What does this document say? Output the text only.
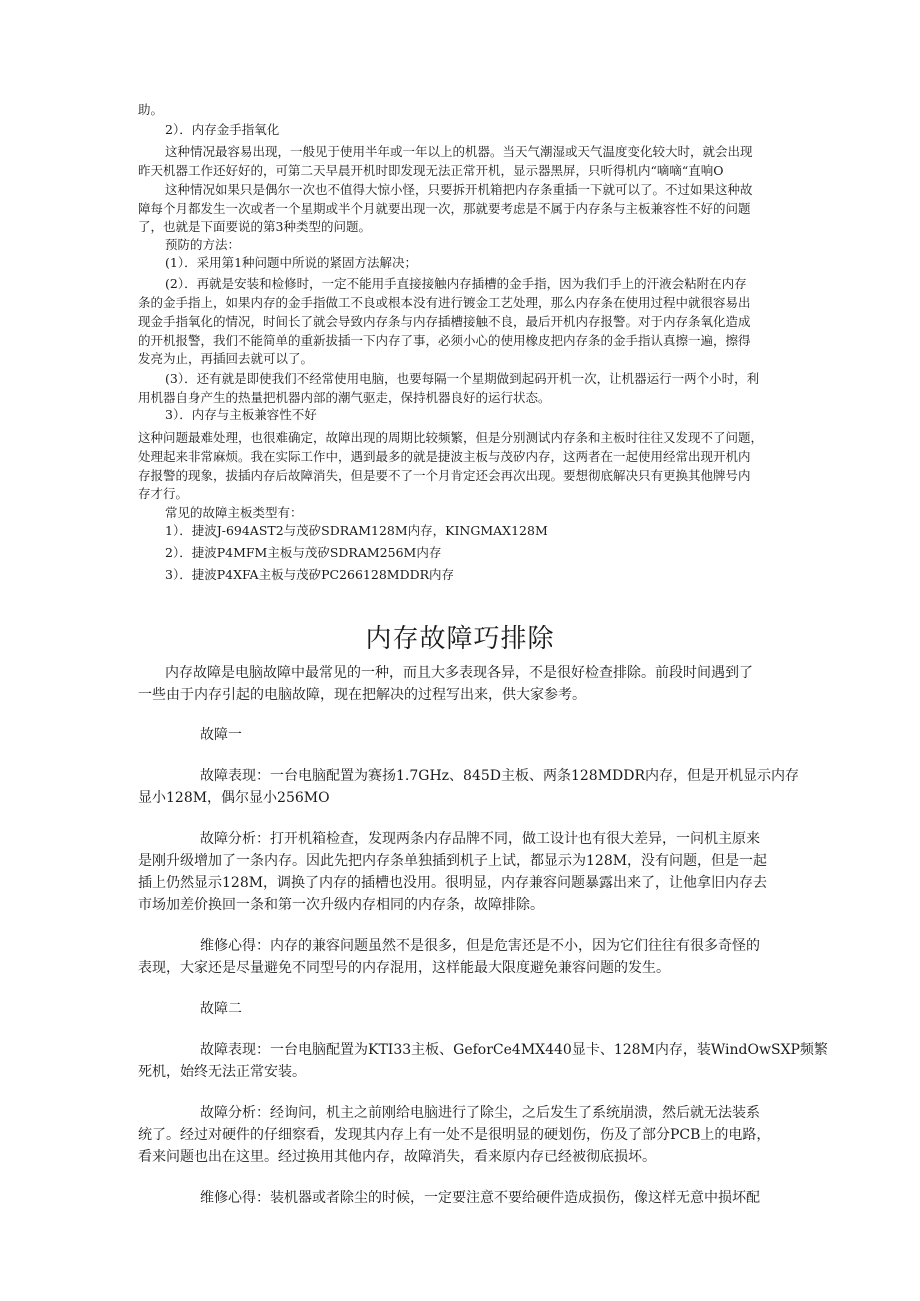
助。

2）．内存金手指氧化

这种情况最容易出现，一般见于使用半年或一年以上的机器。当天气潮湿或天气温度变化较大时，就会出现

昨天机器工作还好好的，可第二天早晨开机时即发现无法正常开机，显示器黑屏，只听得机内“嘀嘀“直响O

这种情况如果只是偶尔一次也不值得大惊小怪，只要拆开机箱把内存条重插一下就可以了。不过如果这种故

障每个月都发生一次或者一个星期或半个月就要出现一次，那就要考虑是不属于内存条与主板兼容性不好的问题

了，也就是下面要说的第3种类型的问题。

预防的方法：

(1）．采用第1种问题中所说的紧固方法解决；

(2）．再就是安装和检修时，一定不能用手直接接触内存插槽的金手指，因为我们手上的汗液会粘附在内存

条的金手指上，如果内存的金手指做工不良或根本没有进行镀金工艺处理，那么内存条在使用过程中就很容易出

现金手指氧化的情况，时间长了就会导致内存条与内存插槽接触不良，最后开机内存报警。对于内存条氧化造成

的开机报警，我们不能简单的重新拔插一下内存了事，必须小心的使用橡皮把内存条的金手指认真擦一遍，擦得

发亮为止，再插回去就可以了。

(3）．还有就是即使我们不经常使用电脑，也要每隔一个星期做到起码开机一次，让机器运行一两个小时，利

用机器自身产生的热量把机器内部的潮气驱走，保持机器良好的运行状态。

3）．内存与主板兼容性不好

这种问题最难处理，也很难确定，故障出现的周期比较频繁，但是分别测试内存条和主板时往往又发现不了问题，

处理起来非常麻烦。我在实际工作中，遇到最多的就是捷波主板与茂矽内存，这两者在一起使用经常出现开机内

存报警的现象，拔插内存后故障消失，但是要不了一个月肯定还会再次出现。要想彻底解决只有更换其他牌号内

存才行。

常见的故障主板类型有：

1）．捷波J-694AST2与茂矽SDRAM128M内存，KINGMAX128M

2）．捷波P4MFM主板与茂矽SDRAM256M内存

3）．捷波P4XFA主板与茂矽PC266128MDDR内存

内存故障巧排除

内存故障是电脑故障中最常见的一种，而且大多表现各异，不是很好检查排除。前段时间遇到了

一些由于内存引起的电脑故障，现在把解决的过程写出来，供大家参考。

故障一

故障表现：一台电脑配置为赛扬1.7GHz、845D主板、两条128MDDR内存，但是开机显示内存

显小128M，偶尔显小256MO

故障分析：打开机箱检查，发现两条内存品牌不同，做工设计也有很大差异，一问机主原来

是刚升级增加了一条内存。因此先把内存条单独插到机子上试，都显示为128M，没有问题，但是一起

插上仍然显示128M，调换了内存的插槽也没用。很明显，内存兼容问题暴露出来了，让他拿旧内存去

市场加差价换回一条和第一次升级内存相同的内存条，故障排除。

维修心得：内存的兼容问题虽然不是很多，但是危害还是不小，因为它们往往有很多奇怪的

表现，大家还是尽量避免不同型号的内存混用，这样能最大限度避免兼容问题的发生。

故障二

故障表现：一台电脑配置为KTI33主板、GeforCe4MX440显卡、128M内存，装WindOwSXP频繁

死机，始终无法正常安装。

故障分析：经询问，机主之前刚给电脑进行了除尘，之后发生了系统崩溃，然后就无法装系

统了。经过对硬件的仔细察看，发现其内存上有一处不是很明显的硬划伤，伤及了部分PCB上的电路，

看来问题也出在这里。经过换用其他内存，故障消失，看来原内存已经被彻底损坏。

维修心得：装机器或者除尘的时候，一定要注意不要给硬件造成损伤，像这样无意中损坏配
